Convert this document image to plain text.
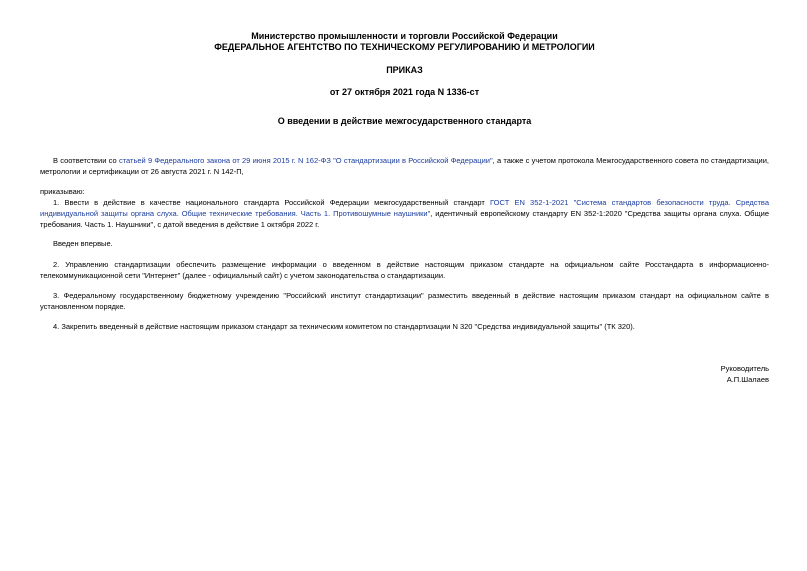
Министерство промышленности и торговли Российской Федерации
ФЕДЕРАЛЬНОЕ АГЕНТСТВО ПО ТЕХНИЧЕСКОМУ РЕГУЛИРОВАНИЮ И МЕТРОЛОГИИ
ПРИКАЗ
от 27 октября 2021 года N 1336-ст
О введении в действие межгосударственного стандарта
В соответствии со статьей 9 Федерального закона от 29 июня 2015 г. N 162-ФЗ "О стандартизации в Российской Федерации", а также с учетом протокола Межгосударственного совета по стандартизации, метрологии и сертификации от 26 августа 2021 г. N 142-П,
приказываю:
1. Ввести в действие в качестве национального стандарта Российской Федерации межгосударственный стандарт ГОСТ EN 352-1-2021 "Система стандартов безопасности труда. Средства индивидуальной защиты органа слуха. Общие технические требования. Часть 1. Противошумные наушники", идентичный европейскому стандарту EN 352-1:2020 "Средства защиты органа слуха. Общие требования. Часть 1. Наушники", с датой введения в действие 1 октября 2022 г.
Введен впервые.
2. Управлению стандартизации обеспечить размещение информации о введенном в действие настоящим приказом стандарте на официальном сайте Росстандарта в информационно-телекоммуникационной сети "Интернет" (далее - официальный сайт) с учетом законодательства о стандартизации.
3. Федеральному государственному бюджетному учреждению "Российский институт стандартизации" разместить введенный в действие настоящим приказом стандарт на официальном сайте в установленном порядке.
4. Закрепить введенный в действие настоящим приказом стандарт за техническим комитетом по стандартизации N 320 "Средства индивидуальной защиты" (ТК 320).
Руководитель
А.П.Шалаев
